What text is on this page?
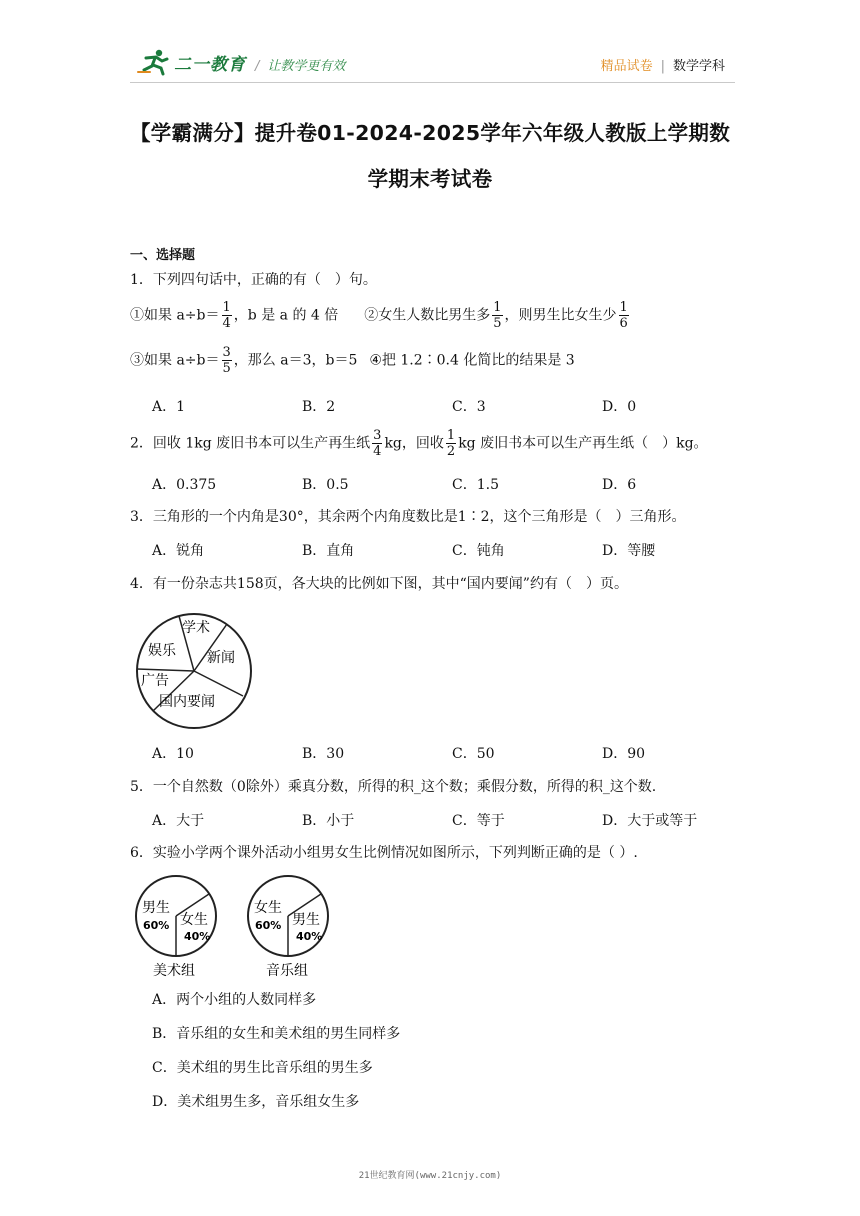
二一教育 / 让教学更有效	精品试卷 | 数学学科
【学霸满分】提升卷01-2024-2025学年六年级人教版上学期数
学期末考试卷
一、选择题
1．下列四句话中，正确的有（　）句。
①如果 $a\div b= \frac{1}{4}$ ，b 是 a 的 4 倍 ②女生人数比男生多 $\frac{1}{5}$ ，则男生比女生少 $\frac{1}{6}$
③如果 $a\div b= \frac{3}{5}$ ，那么 a＝3，b＝5 ④把 1.2∶0.4 化简比的结果是 3
A．1	B．2	C．3	D．0
2．回收 1kg 废旧书本可以生产再生纸 $\frac{3}{4}$ kg，回收 $\frac{1}{2}$ kg 废旧书本可以生产再生纸（　）kg。
A．0.375	B．0.5	C．1.5	D．6
3．三角形的一个内角是30°，其余两个内角度数比是1∶2，这个三角形是（　）三角形。
A．锐角	B．直角	C．钝角	D．等腰
4．有一份杂志共158页，各大块的比例如下图，其中“国内要闻”约有（　）页。
学术
娱乐 新闻
广告
国内要闻
A．10	B．30	C．50	D．90
5．一个自然数（0除外）乘真分数，所得的积_这个数；乘假分数，所得的积_这个数.
A．大于	B．小于	C．等于	D．大于或等于
6．实验小学两个课外活动小组男女生比例情况如图所示，下列判断正确的是（ ）.
男生
60% 女生
40%
美术组
女生
60% 男生
40%
音乐组
A．两个小组的人数同样多
B．音乐组的女生和美术组的男生同样多
C．美术组的男生比音乐组的男生多
D．美术组男生多，音乐组女生多
21世纪教育网(www.21cnjy.com)
